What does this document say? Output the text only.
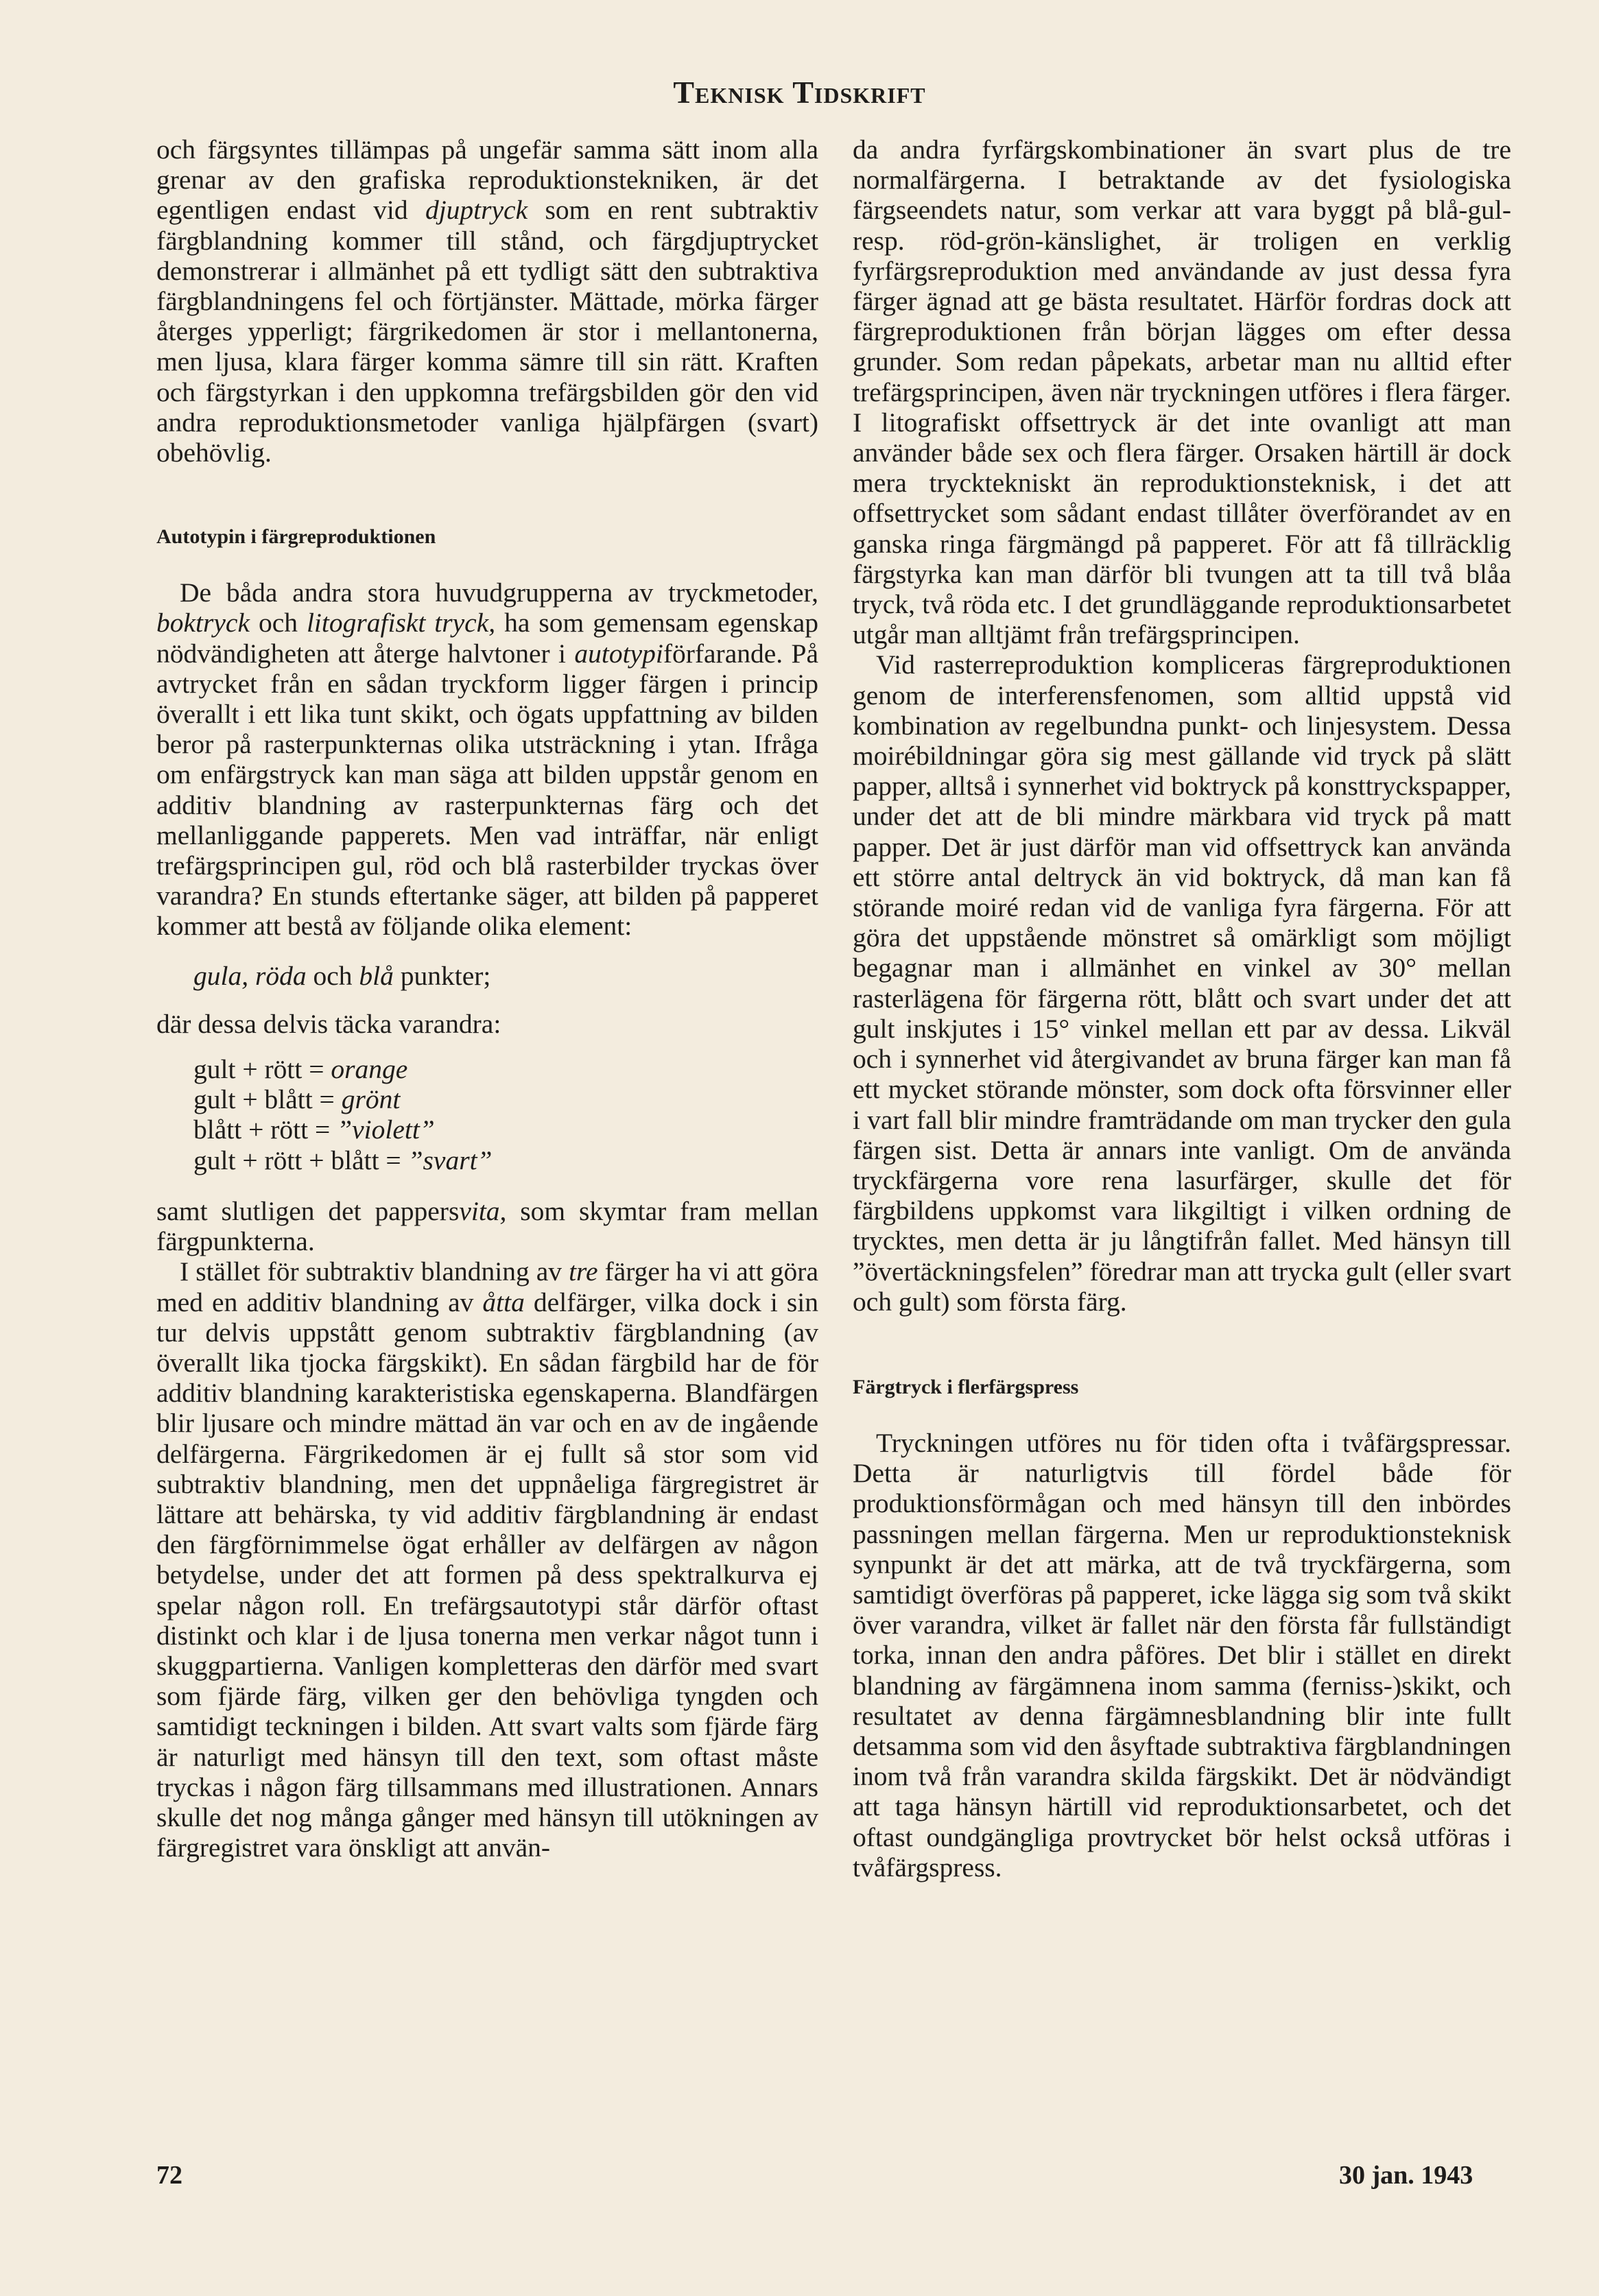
Teknisk Tidskrift

och färgsyntes tillämpas på ungefär samma sätt inom alla grenar av den grafiska reproduktionstekniken, är det egentligen endast vid djuptryck som en rent subtraktiv färgblandning kommer till stånd, och färgdjuptrycket demonstrerar i allmänhet på ett tydligt sätt den subtraktiva färgblandningens fel och förtjänster. Mättade, mörka färger återges ypperligt; färgrikedomen är stor i mellantonerna, men ljusa, klara färger komma sämre till sin rätt. Kraften och färgstyrkan i den uppkomna trefärgsbilden gör den vid andra reproduktionsmetoder vanliga hjälpfärgen (svart) obehövlig.

Autotypin i färgreproduktionen

De båda andra stora huvudgrupperna av tryckmetoder, boktryck och litografiskt tryck, ha som gemensam egenskap nödvändigheten att återge halvtoner i autotypiförfarande. På avtrycket från en sådan tryckform ligger färgen i princip överallt i ett lika tunt skikt, och ögats uppfattning av bilden beror på rasterpunkternas olika utsträckning i ytan. Ifråga om enfärgstryck kan man säga att bilden uppstår genom en additiv blandning av rasterpunkternas färg och det mellanliggande papperets. Men vad inträffar, när enligt trefärgsprincipen gul, röd och blå rasterbilder tryckas över varandra? En stunds eftertanke säger, att bilden på papperet kommer att bestå av följande olika element:

gula, röda och blå punkter;

där dessa delvis täcka varandra:

gult + rött = orange
gult + blått = grönt
blått + rött = ”violett”
gult + rött + blått = ”svart”

samt slutligen det pappersvita, som skymtar fram mellan färgpunkterna.

I stället för subtraktiv blandning av tre färger ha vi att göra med en additiv blandning av åtta delfärger, vilka dock i sin tur delvis uppstått genom subtraktiv färgblandning (av överallt lika tjocka färgskikt). En sådan färgbild har de för additiv blandning karakteristiska egenskaperna. Blandfärgen blir ljusare och mindre mättad än var och en av de ingående delfärgerna. Färgrikedomen är ej fullt så stor som vid subtraktiv blandning, men det uppnåeliga färgregistret är lättare att behärska, ty vid additiv färgblandning är endast den färgförnimmelse ögat erhåller av delfärgen av någon betydelse, under det att formen på dess spektralkurva ej spelar någon roll. En trefärgsautotypi står därför oftast distinkt och klar i de ljusa tonerna men verkar något tunn i skuggpartierna. Vanligen kompletteras den därför med svart som fjärde färg, vilken ger den behövliga tyngden och samtidigt teckningen i bilden. Att svart valts som fjärde färg är naturligt med hänsyn till den text, som oftast måste tryckas i någon färg tillsammans med illustrationen. Annars skulle det nog många gånger med hänsyn till utökningen av färgregistret vara önskligt att använ-

da andra fyrfärgskombinationer än svart plus de tre normalfärgerna. I betraktande av det fysiologiska färgseendets natur, som verkar att vara byggt på blå-gul- resp. röd-grön-känslighet, är troligen en verklig fyrfärgsreproduktion med användande av just dessa fyra färger ägnad att ge bästa resultatet. Härför fordras dock att färgreproduktionen från början lägges om efter dessa grunder. Som redan påpekats, arbetar man nu alltid efter trefärgsprincipen, även när tryckningen utföres i flera färger. I litografiskt offsettryck är det inte ovanligt att man använder både sex och flera färger. Orsaken härtill är dock mera trycktekniskt än reproduktionsteknisk, i det att offsettrycket som sådant endast tillåter överförandet av en ganska ringa färgmängd på papperet. För att få tillräcklig färgstyrka kan man därför bli tvungen att ta till två blåa tryck, två röda etc. I det grundläggande reproduktionsarbetet utgår man alltjämt från trefärgsprincipen.

Vid rasterreproduktion kompliceras färgreproduktionen genom de interferensfenomen, som alltid uppstå vid kombination av regelbundna punkt- och linjesystem. Dessa moirébildningar göra sig mest gällande vid tryck på slätt papper, alltså i synnerhet vid boktryck på konsttryckspapper, under det att de bli mindre märkbara vid tryck på matt papper. Det är just därför man vid offsettryck kan använda ett större antal deltryck än vid boktryck, då man kan få störande moiré redan vid de vanliga fyra färgerna. För att göra det uppstående mönstret så omärkligt som möjligt begagnar man i allmänhet en vinkel av 30° mellan rasterlägena för färgerna rött, blått och svart under det att gult inskjutes i 15° vinkel mellan ett par av dessa. Likväl och i synnerhet vid återgivandet av bruna färger kan man få ett mycket störande mönster, som dock ofta försvinner eller i vart fall blir mindre framträdande om man trycker den gula färgen sist. Detta är annars inte vanligt. Om de använda tryckfärgerna vore rena lasurfärger, skulle det för färgbildens uppkomst vara likgiltigt i vilken ordning de trycktes, men detta är ju långtifrån fallet. Med hänsyn till ”övertäckningsfelen” föredrar man att trycka gult (eller svart och gult) som första färg.

Färgtryck i flerfärgspress

Tryckningen utföres nu för tiden ofta i tvåfärgspressar. Detta är naturligtvis till fördel både för produktionsförmågan och med hänsyn till den inbördes passningen mellan färgerna. Men ur reproduktionsteknisk synpunkt är det att märka, att de två tryckfärgerna, som samtidigt överföras på papperet, icke lägga sig som två skikt över varandra, vilket är fallet när den första får fullständigt torka, innan den andra påföres. Det blir i stället en direkt blandning av färgämnena inom samma (ferniss-)skikt, och resultatet av denna färgämnesblandning blir inte fullt detsamma som vid den åsyftade subtraktiva färgblandningen inom två från varandra skilda färgskikt. Det är nödvändigt att taga hänsyn härtill vid reproduktionsarbetet, och det oftast oundgängliga provtrycket bör helst också utföras i tvåfärgspress.

72	30 jan. 1943
